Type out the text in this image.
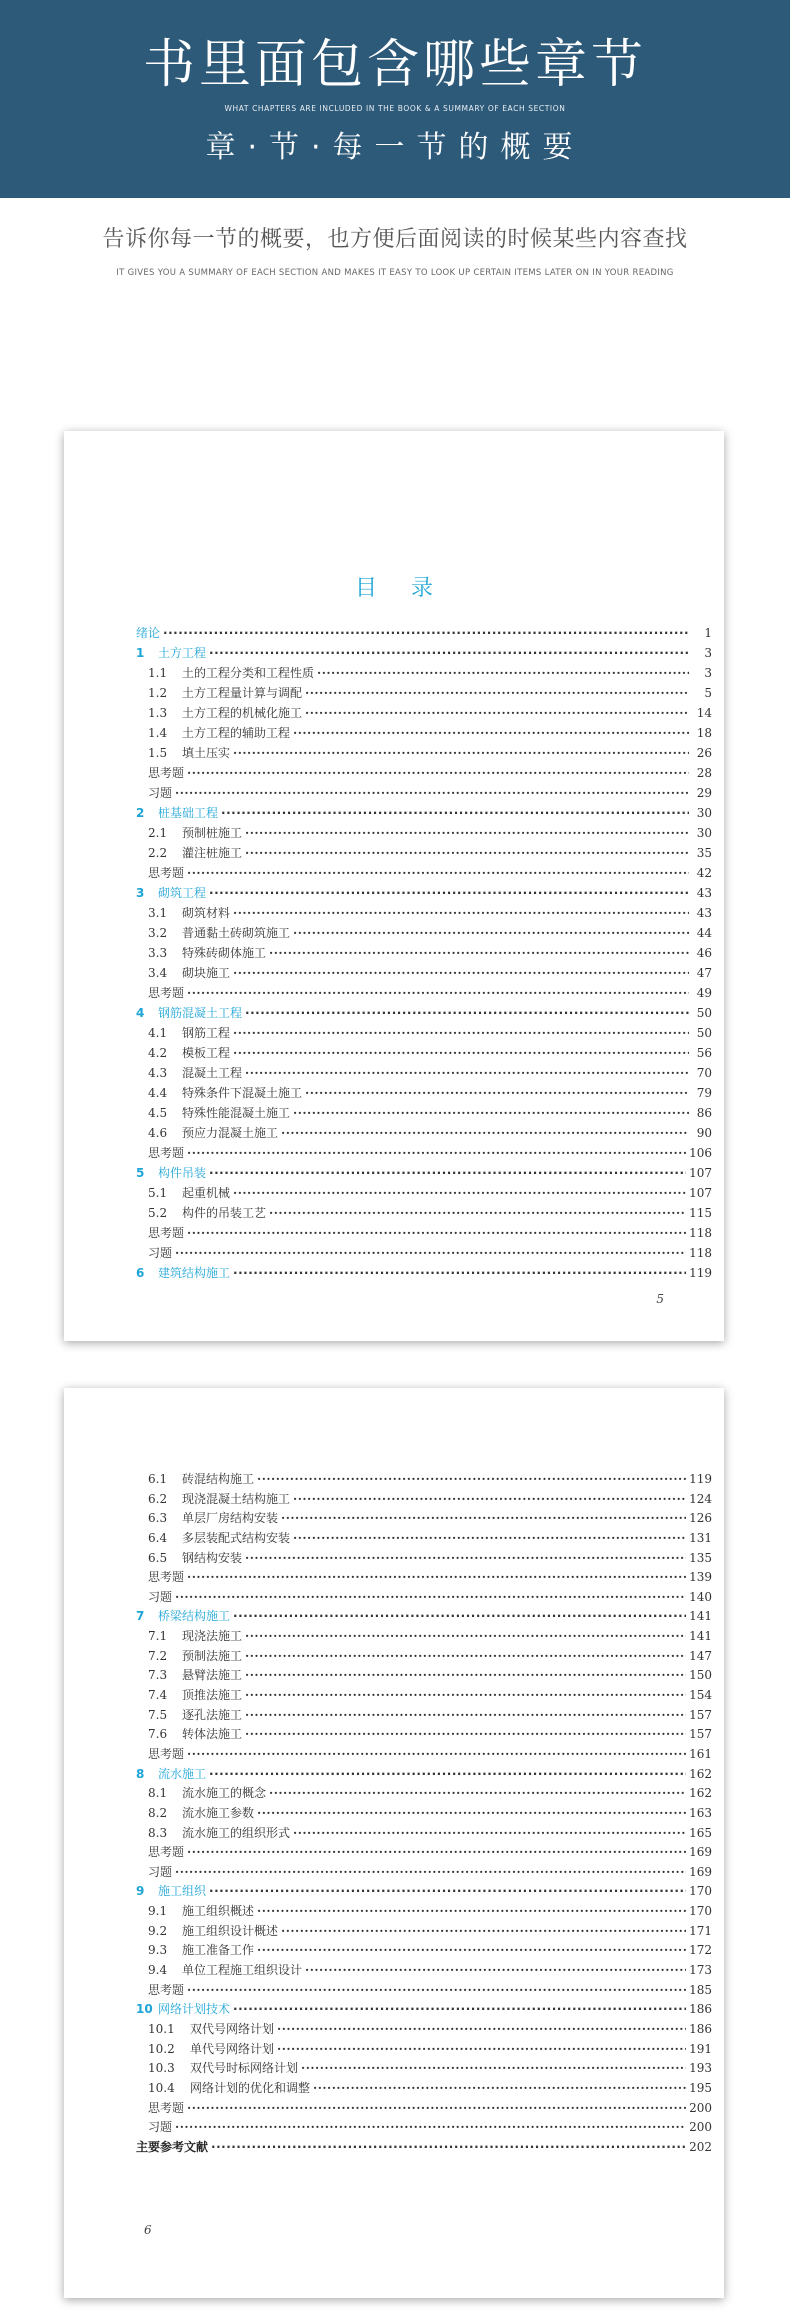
书里面包含哪些章节
WHAT CHAPTERS ARE INCLUDED IN THE BOOK & A SUMMARY OF EACH SECTION
章·节·每一节的概要
告诉你每一节的概要，也方便后面阅读的时候某些内容查找
IT GIVES YOU A SUMMARY OF EACH SECTION AND MAKES IT EASY TO LOOK UP CERTAIN ITEMS LATER ON IN YOUR READING
目录
绪论 ·····	1
1	土方工程 ·····	3
1.1	土的工程分类和工程性质 ·····	3
1.2	土方工程量计算与调配 ·····	5
1.3	土方工程的机械化施工 ·····	14
1.4	土方工程的辅助工程 ·····	18
1.5	填土压实 ·····	26
思考题 ·····	28
习题 ·····	29
2	桩基础工程 ·····	30
2.1	预制桩施工 ·····	30
2.2	灌注桩施工 ·····	35
思考题 ·····	42
3	砌筑工程 ·····	43
3.1	砌筑材料 ·····	43
3.2	普通黏土砖砌筑施工 ·····	44
3.3	特殊砖砌体施工 ·····	46
3.4	砌块施工 ·····	47
思考题 ·····	49
4	钢筋混凝土工程 ·····	50
4.1	钢筋工程 ·····	50
4.2	模板工程 ·····	56
4.3	混凝土工程 ·····	70
4.4	特殊条件下混凝土施工 ·····	79
4.5	特殊性能混凝土施工 ·····	86
4.6	预应力混凝土施工 ·····	90
思考题 ·····	106
5	构件吊装 ·····	107
5.1	起重机械 ·····	107
5.2	构件的吊装工艺 ·····	115
思考题 ·····	118
习题 ·····	118
6	建筑结构施工 ·····	119
5
6.1	砖混结构施工 ·····	119
6.2	现浇混凝土结构施工 ·····	124
6.3	单层厂房结构安装 ·····	126
6.4	多层装配式结构安装 ·····	131
6.5	钢结构安装 ·····	135
思考题 ·····	139
习题 ·····	140
7	桥梁结构施工 ·····	141
7.1	现浇法施工 ·····	141
7.2	预制法施工 ·····	147
7.3	悬臂法施工 ·····	150
7.4	顶推法施工 ·····	154
7.5	逐孔法施工 ·····	157
7.6	转体法施工 ·····	157
思考题 ·····	161
8	流水施工 ·····	162
8.1	流水施工的概念 ·····	162
8.2	流水施工参数 ·····	163
8.3	流水施工的组织形式 ·····	165
思考题 ·····	169
习题 ·····	169
9	施工组织 ·····	170
9.1	施工组织概述 ·····	170
9.2	施工组织设计概述 ·····	171
9.3	施工准备工作 ·····	172
9.4	单位工程施工组织设计 ·····	173
思考题 ·····	185
10 网络计划技术 ·····	186
10.1	双代号网络计划 ·····	186
10.2	单代号网络计划 ·····	191
10.3	双代号时标网络计划 ·····	193
10.4	网络计划的优化和调整 ·····	195
思考题 ·····	200
习题 ·····	200
主要参考文献 ·····	202
6
